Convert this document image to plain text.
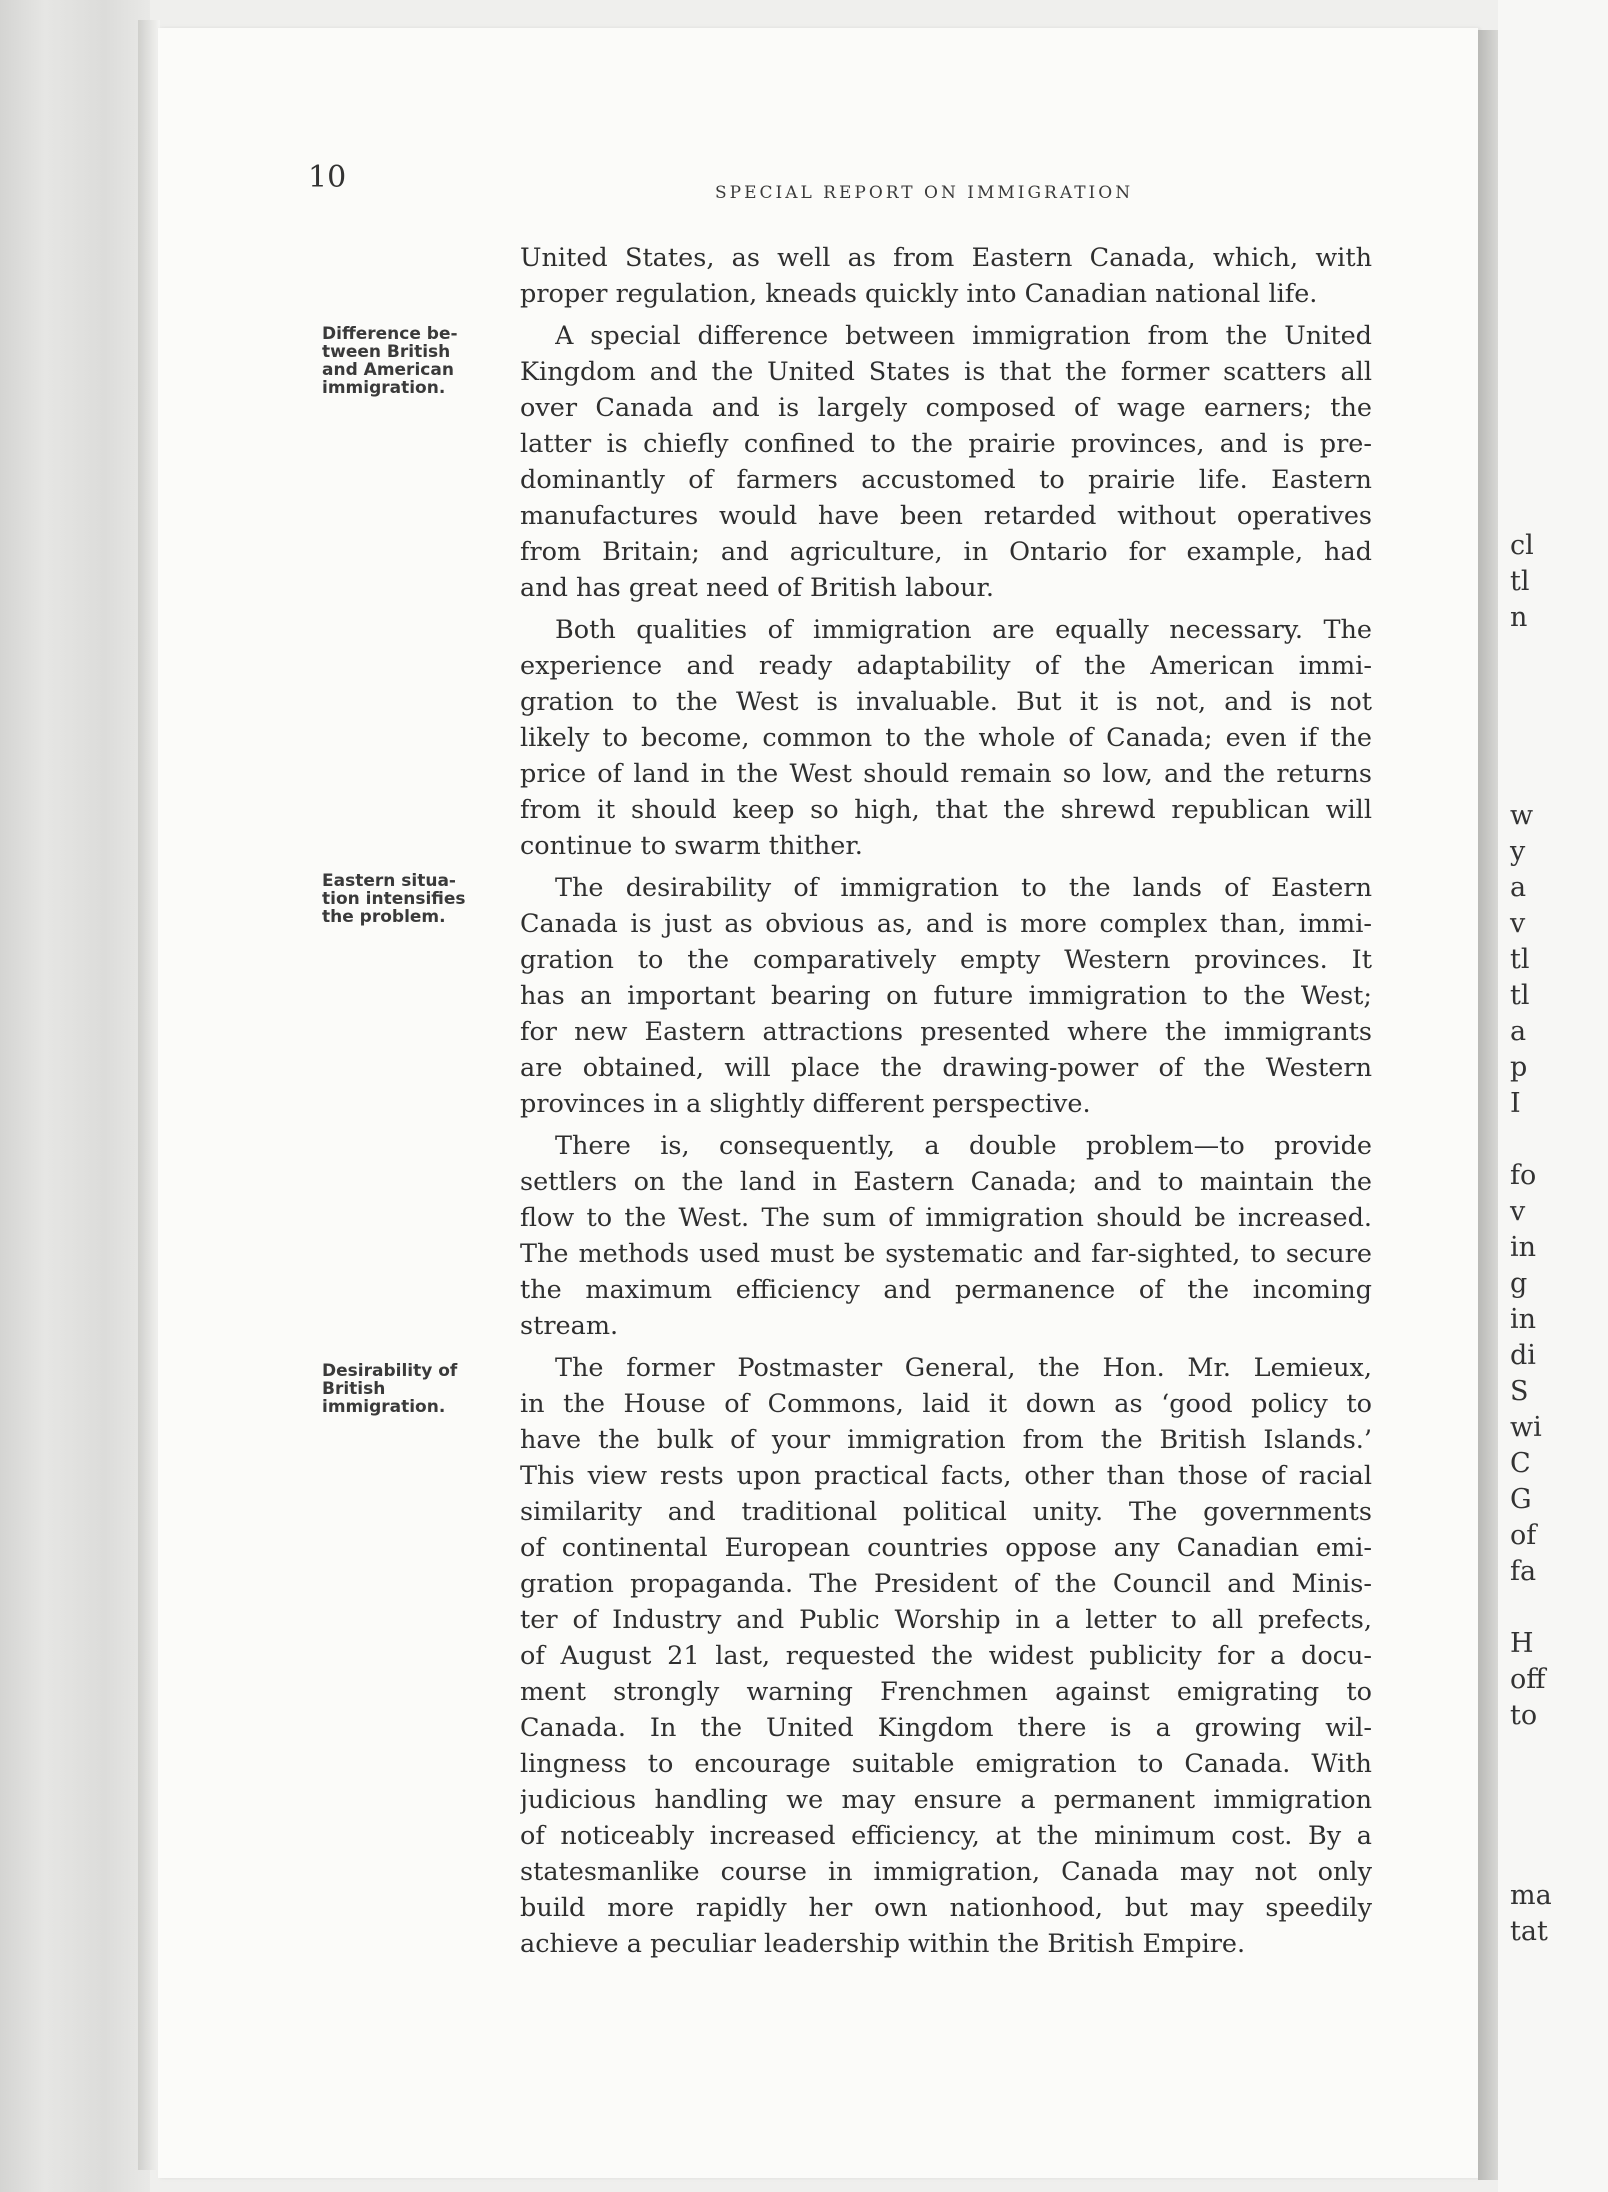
10	SPECIAL REPORT ON IMMIGRATION
Difference be-
tween British
and American
immigration.
Eastern situa-
tion intensifies
the problem.
Desirability of
British
immigration.
United States, as well as from Eastern Canada, which, with
proper regulation, kneads quickly into Canadian national life.
A special difference between immigration from the United
Kingdom and the United States is that the former scatters all
over Canada and is largely composed of wage earners; the
latter is chiefly confined to the prairie provinces, and is pre-
dominantly of farmers accustomed to prairie life. Eastern
manufactures would have been retarded without operatives
from Britain; and agriculture, in Ontario for example, had
and has great need of British labour.
Both qualities of immigration are equally necessary. The
experience and ready adaptability of the American immi-
gration to the West is invaluable. But it is not, and is not
likely to become, common to the whole of Canada; even if the
price of land in the West should remain so low, and the returns
from it should keep so high, that the shrewd republican will
continue to swarm thither.
The desirability of immigration to the lands of Eastern
Canada is just as obvious as, and is more complex than, immi-
gration to the comparatively empty Western provinces. It
has an important bearing on future immigration to the West;
for new Eastern attractions presented where the immigrants
are obtained, will place the drawing-power of the Western
provinces in a slightly different perspective.
There is, consequently, a double problem—to provide
settlers on the land in Eastern Canada; and to maintain the
flow to the West. The sum of immigration should be increased.
The methods used must be systematic and far-sighted, to secure
the maximum efficiency and permanence of the incoming
stream.
The former Postmaster General, the Hon. Mr. Lemieux,
in the House of Commons, laid it down as ‘good policy to
have the bulk of your immigration from the British Islands.’
This view rests upon practical facts, other than those of racial
similarity and traditional political unity. The governments
of continental European countries oppose any Canadian emi-
gration propaganda. The President of the Council and Minis-
ter of Industry and Public Worship in a letter to all prefects,
of August 21 last, requested the widest publicity for a docu-
ment strongly warning Frenchmen against emigrating to
Canada. In the United Kingdom there is a growing wil-
lingness to encourage suitable emigration to Canada. With
judicious handling we may ensure a permanent immigration
of noticeably increased efficiency, at the minimum cost. By a
statesmanlike course in immigration, Canada may not only
build more rapidly her own nationhood, but may speedily
achieve a peculiar leadership within the British Empire.
cl
tl
n
w
y
a
v
tl
tl
a
p
I
fo
v
in
g
in
di
S
wi
C
G
of
fa
H
off
to
ma
tat
